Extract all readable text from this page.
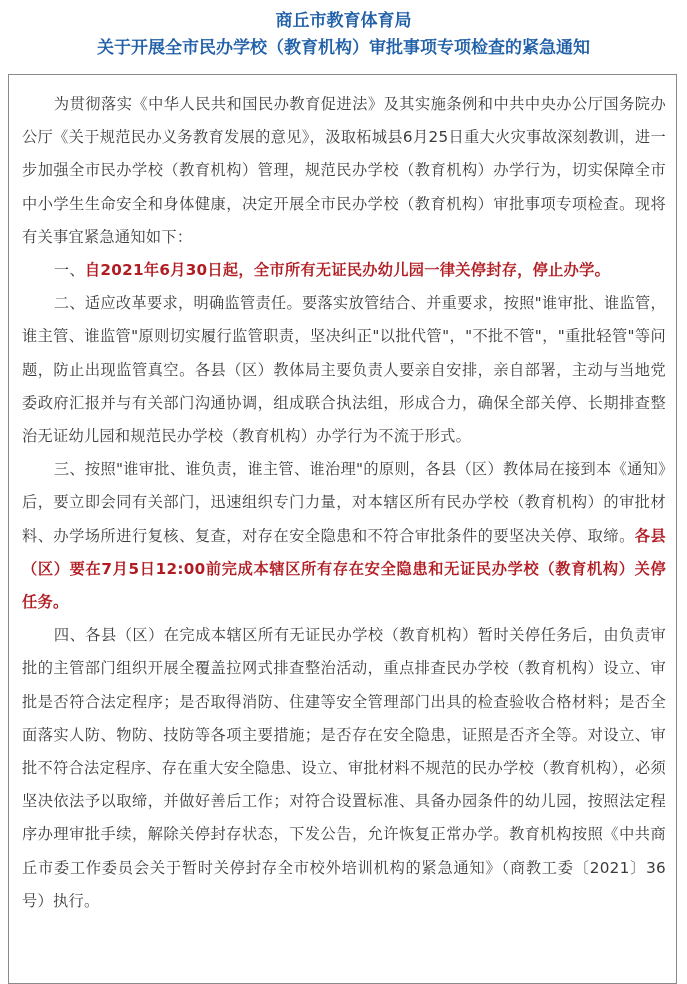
商丘市教育体育局
关于开展全市民办学校（教育机构）审批事项专项检查的紧急通知

为贯彻落实《中华人民共和国民办教育促进法》及其实施条例和中共中央办公厅国务院办公厅《关于规范民办义务教育发展的意见》，汲取柘城县6月25日重大火灾事故深刻教训，进一步加强全市民办学校（教育机构）管理，规范民办学校（教育机构）办学行为，切实保障全市中小学生生命安全和身体健康，决定开展全市民办学校（教育机构）审批事项专项检查。现将有关事宜紧急通知如下：

一、自2021年6月30日起，全市所有无证民办幼儿园一律关停封存，停止办学。

二、适应改革要求，明确监管责任。要落实放管结合、并重要求，按照"谁审批、谁监管，谁主管、谁监管"原则切实履行监管职责，坚决纠正"以批代管"，"不批不管"，"重批轻管"等问题，防止出现监管真空。各县（区）教体局主要负责人要亲自安排，亲自部署，主动与当地党委政府汇报并与有关部门沟通协调，组成联合执法组，形成合力，确保全部关停、长期排查整治无证幼儿园和规范民办学校（教育机构）办学行为不流于形式。

三、按照"谁审批、谁负责，谁主管、谁治理"的原则，各县（区）教体局在接到本《通知》后，要立即会同有关部门，迅速组织专门力量，对本辖区所有民办学校（教育机构）的审批材料、办学场所进行复核、复查，对存在安全隐患和不符合审批条件的要坚决关停、取缔。各县（区）要在7月5日12:00前完成本辖区所有存在安全隐患和无证民办学校（教育机构）关停任务。

四、各县（区）在完成本辖区所有无证民办学校（教育机构）暂时关停任务后，由负责审批的主管部门组织开展全覆盖拉网式排查整治活动，重点排查民办学校（教育机构）设立、审批是否符合法定程序；是否取得消防、住建等安全管理部门出具的检查验收合格材料；是否全面落实人防、物防、技防等各项主要措施；是否存在安全隐患，证照是否齐全等。对设立、审批不符合法定程序、存在重大安全隐患、设立、审批材料不规范的民办学校（教育机构），必须坚决依法予以取缔，并做好善后工作；对符合设置标准、具备办园条件的幼儿园，按照法定程序办理审批手续，解除关停封存状态，下发公告，允许恢复正常办学。教育机构按照《中共商丘市委工作委员会关于暂时关停封存全市校外培训机构的紧急通知》（商教工委〔2021〕36号）执行。
